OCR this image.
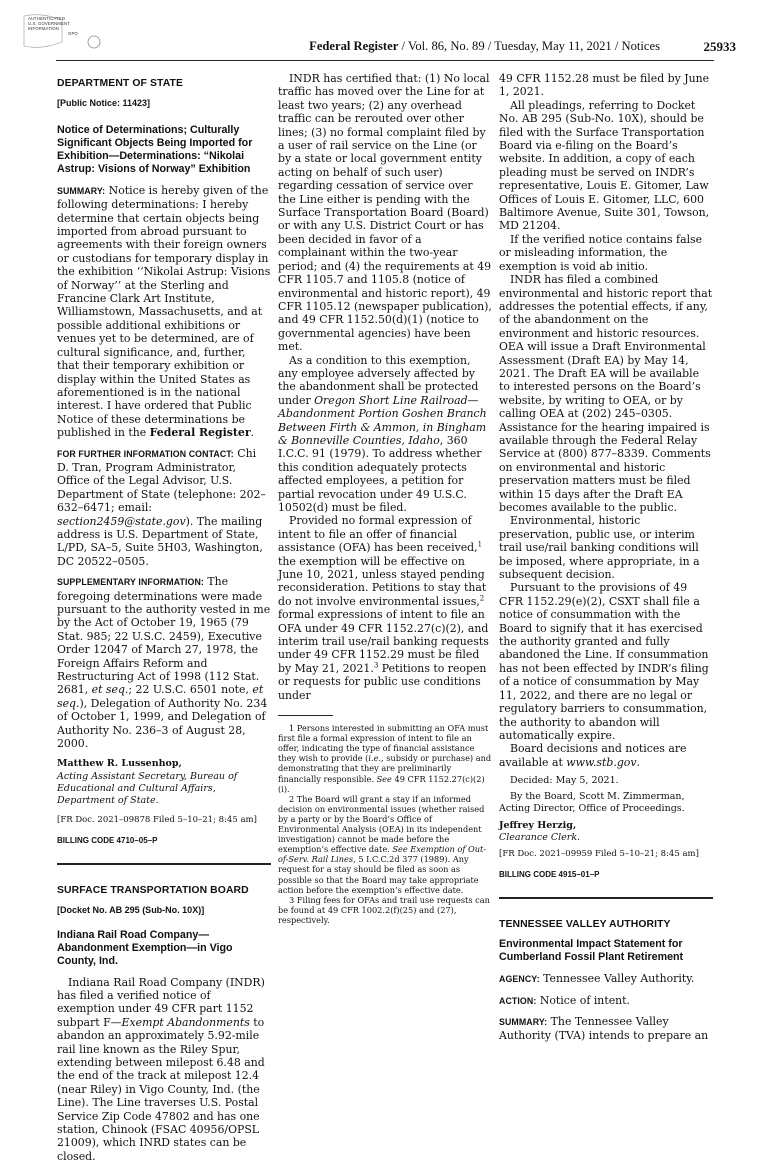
AUTHENTICATED
U.S. GOVERNMENT
INFORMATION
GPO
Federal Register / Vol. 86, No. 89 / Tuesday, May 11, 2021 / Notices	25933
DEPARTMENT OF STATE
[Public Notice: 11423]
Notice of Determinations; Culturally Significant Objects Being Imported for Exhibition—Determinations: “Nikolai Astrup: Visions of Norway” Exhibition

SUMMARY: Notice is hereby given of the following determinations: I hereby determine that certain objects being imported from abroad pursuant to agreements with their foreign owners or custodians for temporary display in the exhibition ‘‘Nikolai Astrup: Visions of Norway’’ at the Sterling and Francine Clark Art Institute, Williamstown, Massachusetts, and at possible additional exhibitions or venues yet to be determined, are of cultural significance, and, further, that their temporary exhibition or display within the United States as aforementioned is in the national interest. I have ordered that Public Notice of these determinations be published in the Federal Register.

FOR FURTHER INFORMATION CONTACT: Chi D. Tran, Program Administrator, Office of the Legal Advisor, U.S. Department of State (telephone: 202–632–6471; email: section2459@state.gov). The mailing address is U.S. Department of State, L/PD, SA–5, Suite 5H03, Washington, DC 20522–0505.

SUPPLEMENTARY INFORMATION: The foregoing determinations were made pursuant to the authority vested in me by the Act of October 19, 1965 (79 Stat. 985; 22 U.S.C. 2459), Executive Order 12047 of March 27, 1978, the Foreign Affairs Reform and Restructuring Act of 1998 (112 Stat. 2681, et seq.; 22 U.S.C. 6501 note, et seq.), Delegation of Authority No. 234 of October 1, 1999, and Delegation of Authority No. 236–3 of August 28, 2000.

Matthew R. Lussenhop,
Acting Assistant Secretary, Bureau of Educational and Cultural Affairs, Department of State.
[FR Doc. 2021–09878 Filed 5–10–21; 8:45 am]
BILLING CODE 4710–05–P
SURFACE TRANSPORTATION BOARD
[Docket No. AB 295 (Sub-No. 10X)]
Indiana Rail Road Company—Abandonment Exemption—in Vigo County, Ind.

Indiana Rail Road Company (INDR) has filed a verified notice of exemption under 49 CFR part 1152 subpart F—Exempt Abandonments to abandon an approximately 5.92-mile rail line known as the Riley Spur, extending between milepost 6.48 and the end of the track at milepost 12.4 (near Riley) in Vigo County, Ind. (the Line). The Line traverses U.S. Postal Service Zip Code 47802 and has one station, Chinook (FSAC 40956/OPSL 21009), which INRD states can be closed.

INDR has certified that: (1) No local traffic has moved over the Line for at least two years; (2) any overhead traffic can be rerouted over other lines; (3) no formal complaint filed by a user of rail service on the Line (or by a state or local government entity acting on behalf of such user) regarding cessation of service over the Line either is pending with the Surface Transportation Board (Board) or with any U.S. District Court or has been decided in favor of a complainant within the two-year period; and (4) the requirements at 49 CFR 1105.7 and 1105.8 (notice of environmental and historic report), 49 CFR 1105.12 (newspaper publication), and 49 CFR 1152.50(d)(1) (notice to governmental agencies) have been met.

As a condition to this exemption, any employee adversely affected by the abandonment shall be protected under Oregon Short Line Railroad—Abandonment Portion Goshen Branch Between Firth & Ammon, in Bingham & Bonneville Counties, Idaho, 360 I.C.C. 91 (1979). To address whether this condition adequately protects affected employees, a petition for partial revocation under 49 U.S.C. 10502(d) must be filed.

Provided no formal expression of intent to file an offer of financial assistance (OFA) has been received,$^1$ the exemption will be effective on June 10, 2021, unless stayed pending reconsideration. Petitions to stay that do not involve environmental issues,$^2$ formal expressions of intent to file an OFA under 49 CFR 1152.27(c)(2), and interim trail use/rail banking requests under 49 CFR 1152.29 must be filed by May 21, 2021.$^3$ Petitions to reopen or requests for public use conditions under

1 Persons interested in submitting an OFA must first file a formal expression of intent to file an offer, indicating the type of financial assistance they wish to provide (i.e., subsidy or purchase) and demonstrating that they are preliminarily financially responsible. See 49 CFR 1152.27(c)(2)(i).

2 The Board will grant a stay if an informed decision on environmental issues (whether raised by a party or by the Board’s Office of Environmental Analysis (OEA) in its independent investigation) cannot be made before the exemption’s effective date. See Exemption of Out-of-Serv. Rail Lines, 5 I.C.C.2d 377 (1989). Any request for a stay should be filed as soon as possible so that the Board may take appropriate action before the exemption’s effective date.

3 Filing fees for OFAs and trail use requests can be found at 49 CFR 1002.2(f)(25) and (27), respectively.

49 CFR 1152.28 must be filed by June 1, 2021.

All pleadings, referring to Docket No. AB 295 (Sub-No. 10X), should be filed with the Surface Transportation Board via e-filing on the Board’s website. In addition, a copy of each pleading must be served on INDR’s representative, Louis E. Gitomer, Law Offices of Louis E. Gitomer, LLC, 600 Baltimore Avenue, Suite 301, Towson, MD 21204.

If the verified notice contains false or misleading information, the exemption is void ab initio.

INDR has filed a combined environmental and historic report that addresses the potential effects, if any, of the abandonment on the environment and historic resources. OEA will issue a Draft Environmental Assessment (Draft EA) by May 14, 2021. The Draft EA will be available to interested persons on the Board’s website, by writing to OEA, or by calling OEA at (202) 245–0305. Assistance for the hearing impaired is available through the Federal Relay Service at (800) 877–8339. Comments on environmental and historic preservation matters must be filed within 15 days after the Draft EA becomes available to the public.

Environmental, historic preservation, public use, or interim trail use/rail banking conditions will be imposed, where appropriate, in a subsequent decision.

Pursuant to the provisions of 49 CFR 1152.29(e)(2), CSXT shall file a notice of consummation with the Board to signify that it has exercised the authority granted and fully abandoned the Line. If consummation has not been effected by INDR’s filing of a notice of consummation by May 11, 2022, and there are no legal or regulatory barriers to consummation, the authority to abandon will automatically expire.

Board decisions and notices are available at www.stb.gov.

Decided: May 5, 2021.

By the Board, Scott M. Zimmerman, Acting Director, Office of Proceedings.

Jeffrey Herzig,
Clearance Clerk.
[FR Doc. 2021–09959 Filed 5–10–21; 8:45 am]
BILLING CODE 4915–01–P
TENNESSEE VALLEY AUTHORITY
Environmental Impact Statement for Cumberland Fossil Plant Retirement

AGENCY: Tennessee Valley Authority.

ACTION: Notice of intent.

SUMMARY: The Tennessee Valley Authority (TVA) intends to prepare an
